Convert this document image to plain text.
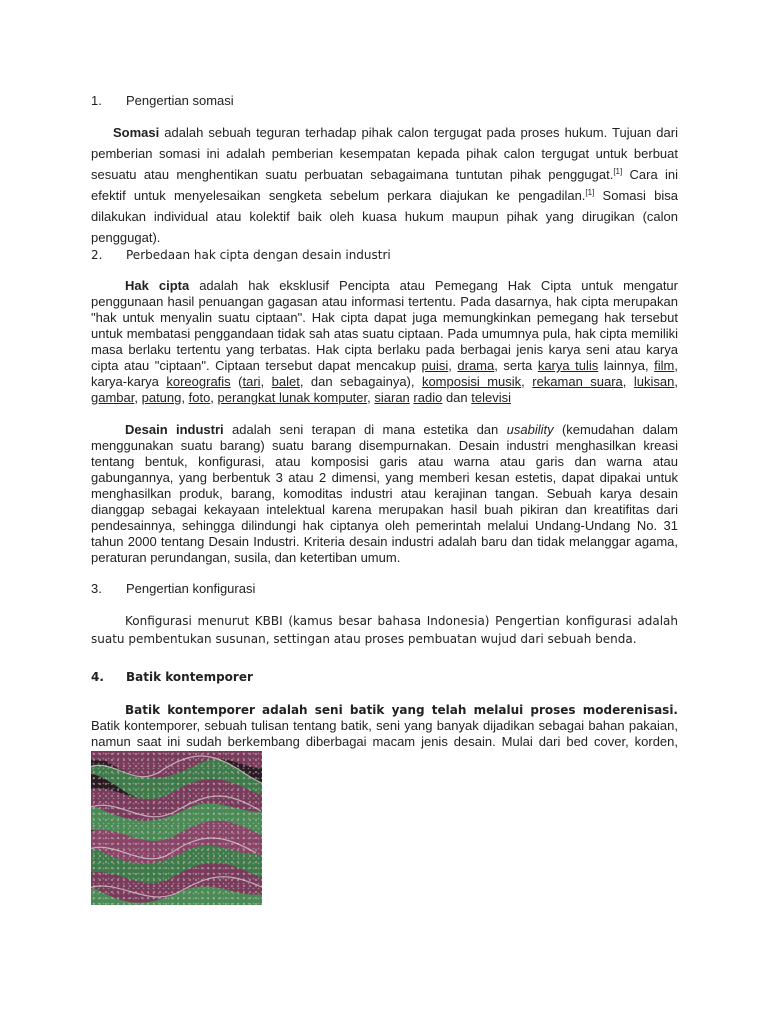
1. Pengertian somasi
Somasi adalah sebuah teguran terhadap pihak calon tergugat pada proses hukum. Tujuan dari pemberian somasi ini adalah pemberian kesempatan kepada pihak calon tergugat untuk berbuat sesuatu atau menghentikan suatu perbuatan sebagaimana tuntutan pihak penggugat.[1] Cara ini efektif untuk menyelesaikan sengketa sebelum perkara diajukan ke pengadilan.[1] Somasi bisa dilakukan individual atau kolektif baik oleh kuasa hukum maupun pihak yang dirugikan (calon penggugat).
2. Perbedaan hak cipta dengan desain industri
Hak cipta adalah hak eksklusif Pencipta atau Pemegang Hak Cipta untuk mengatur penggunaan hasil penuangan gagasan atau informasi tertentu. Pada dasarnya, hak cipta merupakan "hak untuk menyalin suatu ciptaan". Hak cipta dapat juga memungkinkan pemegang hak tersebut untuk membatasi penggandaan tidak sah atas suatu ciptaan. Pada umumnya pula, hak cipta memiliki masa berlaku tertentu yang terbatas. Hak cipta berlaku pada berbagai jenis karya seni atau karya cipta atau "ciptaan". Ciptaan tersebut dapat mencakup puisi, drama, serta karya tulis lainnya, film, karya-karya koreografis (tari, balet, dan sebagainya), komposisi musik, rekaman suara, lukisan, gambar, patung, foto, perangkat lunak komputer, siaran radio dan televisi
Desain industri adalah seni terapan di mana estetika dan usability (kemudahan dalam menggunakan suatu barang) suatu barang disempurnakan. Desain industri menghasilkan kreasi tentang bentuk, konfigurasi, atau komposisi garis atau warna atau garis dan warna atau gabungannya, yang berbentuk 3 atau 2 dimensi, yang memberi kesan estetis, dapat dipakai untuk menghasilkan produk, barang, komoditas industri atau kerajinan tangan. Sebuah karya desain dianggap sebagai kekayaan intelektual karena merupakan hasil buah pikiran dan kreatifitas dari pendesainnya, sehingga dilindungi hak ciptanya oleh pemerintah melalui Undang-Undang No. 31 tahun 2000 tentang Desain Industri. Kriteria desain industri adalah baru dan tidak melanggar agama, peraturan perundangan, susila, dan ketertiban umum.
3. Pengertian konfigurasi
Konfigurasi menurut KBBI (kamus besar bahasa Indonesia) Pengertian konfigurasi adalah suatu pembentukan susunan, settingan atau proses pembuatan wujud dari sebuah benda.
4. Batik kontemporer
Batik kontemporer adalah seni batik yang telah melalui proses moderenisasi. Batik kontemporer, sebuah tulisan tentang batik, seni yang banyak dijadikan sebagai bahan pakaian, namun saat ini sudah berkembang diberbagai macam jenis desain. Mulai dari bed cover, korden,
